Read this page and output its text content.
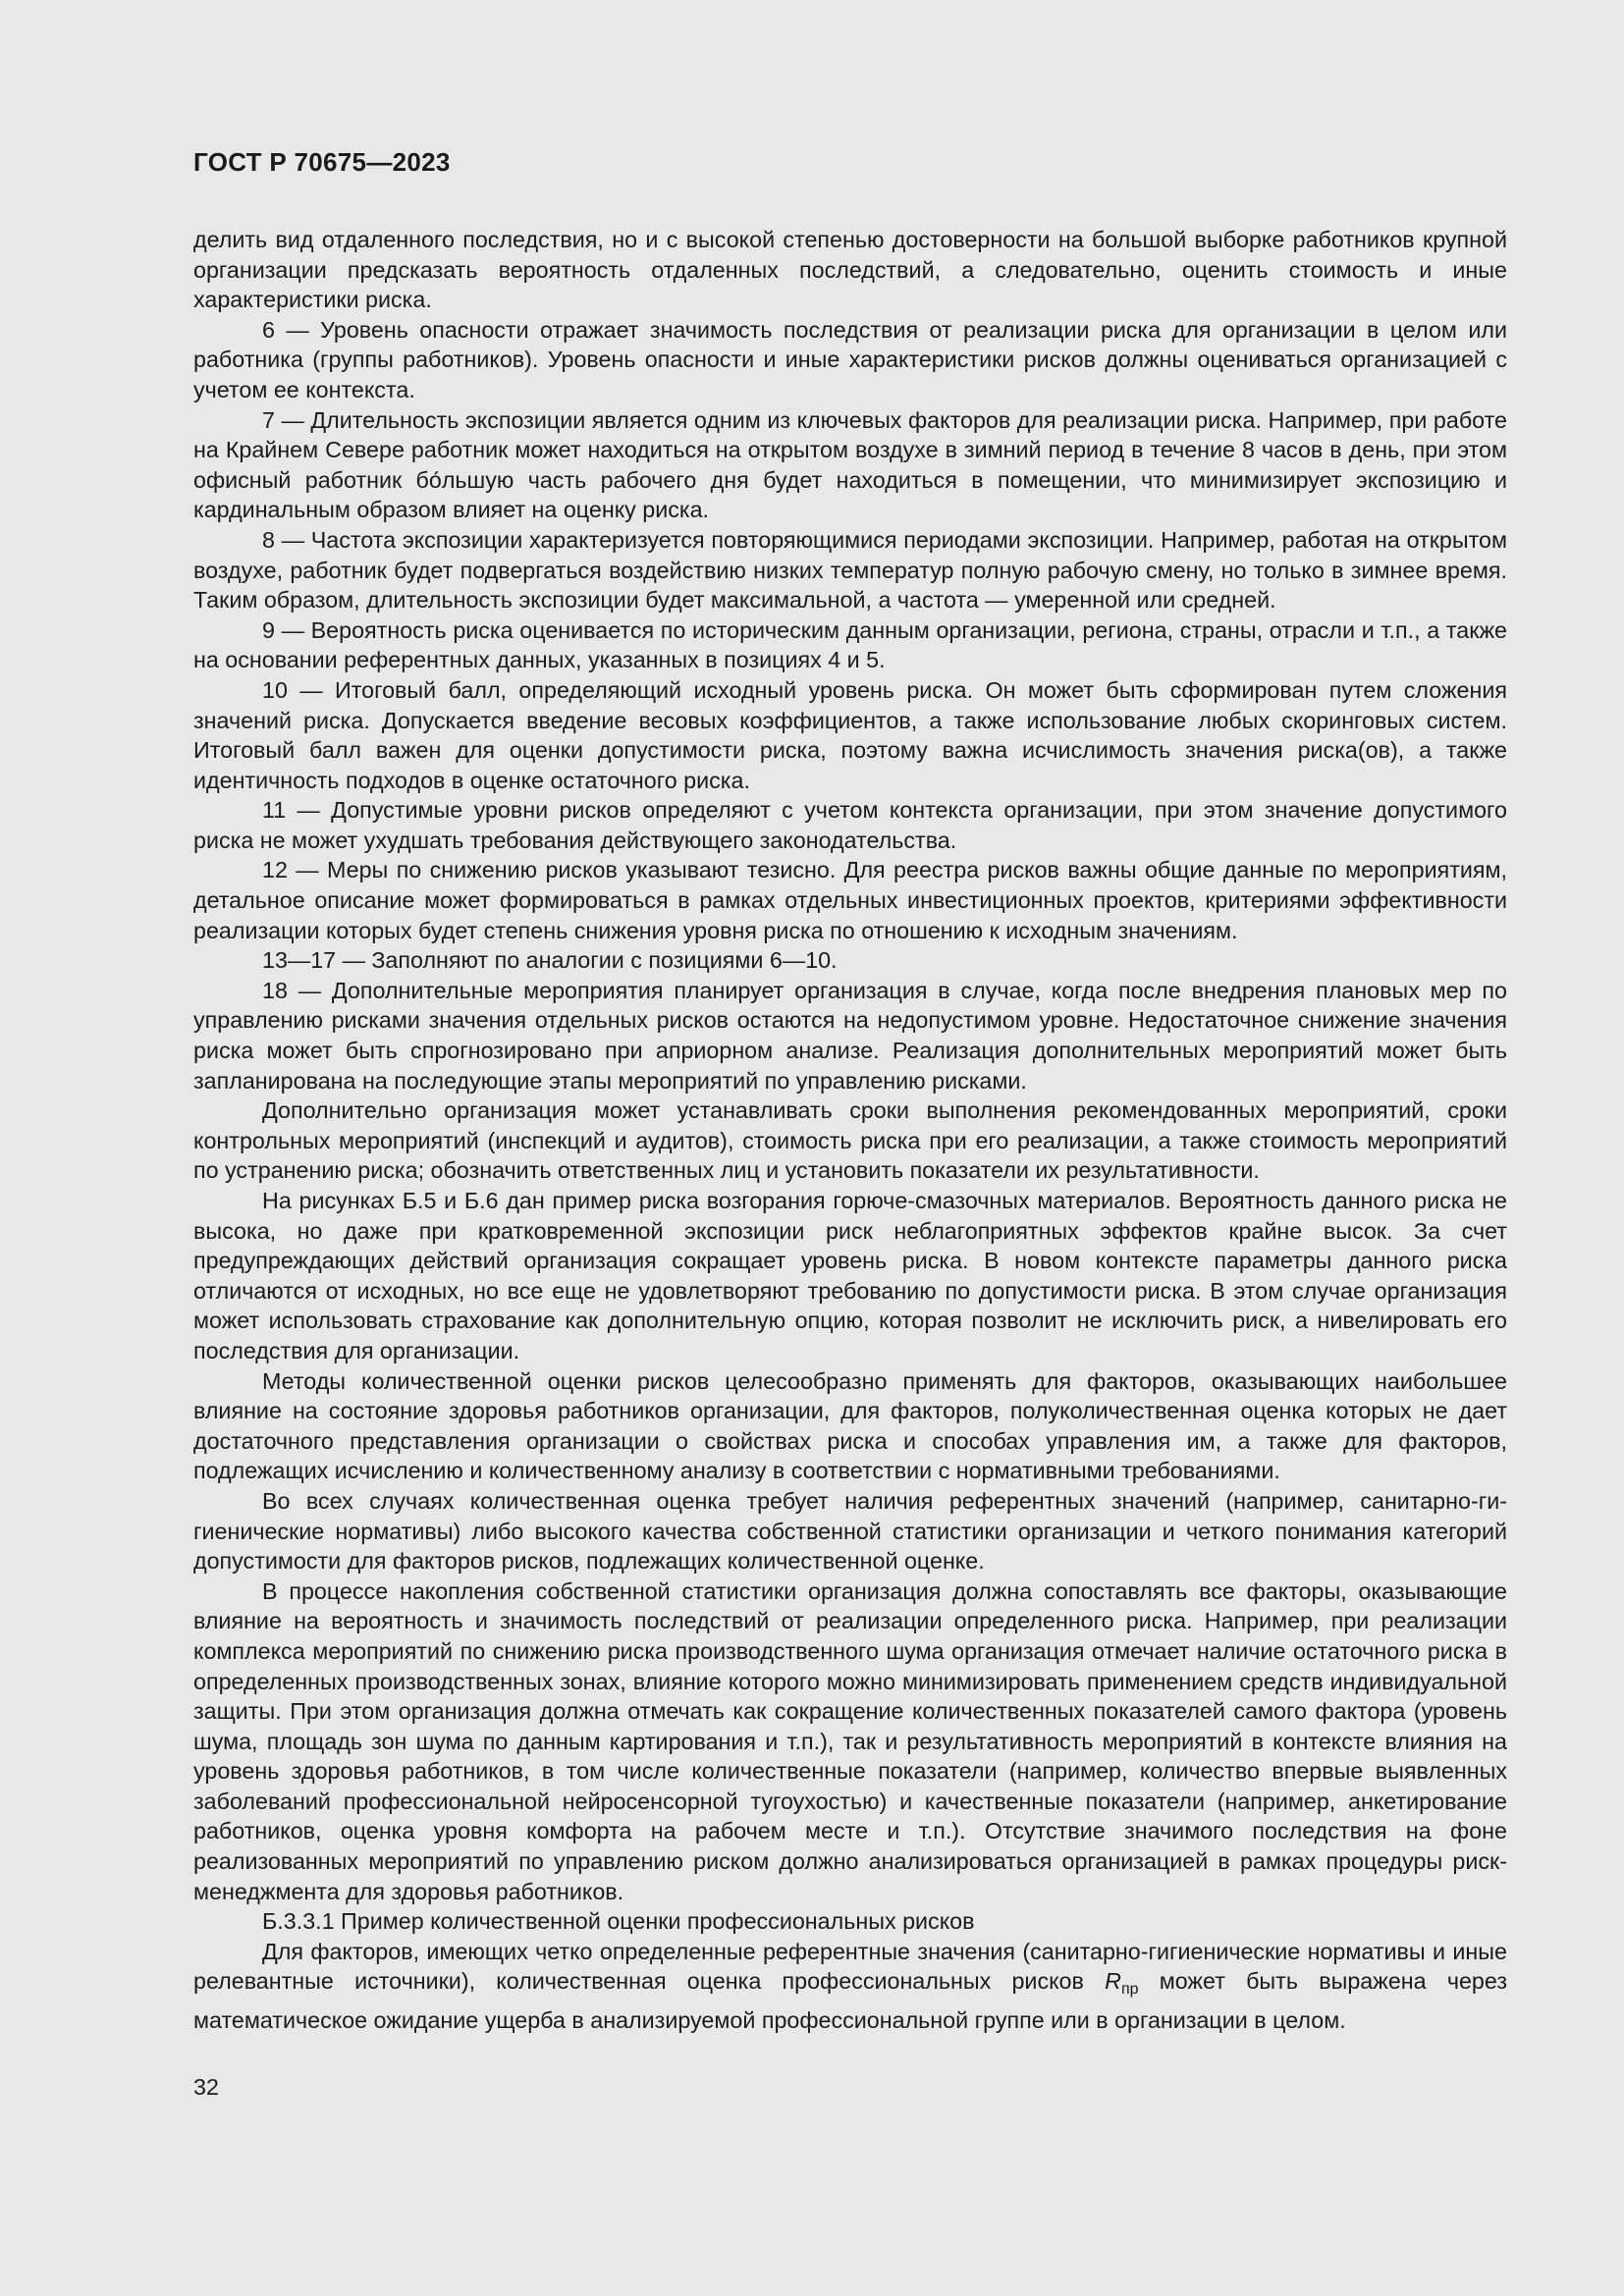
ГОСТ Р 70675—2023

делить вид отдаленного последствия, но и с высокой степенью достоверности на большой выборке работников крупной организации предсказать вероятность отдаленных последствий, а следовательно, оценить стоимость и иные характеристики риска.

6 — Уровень опасности отражает значимость последствия от реализации риска для организации в целом или работника (группы работников). Уровень опасности и иные характеристики рисков должны оцениваться организацией с учетом ее контекста.

7 — Длительность экспозиции является одним из ключевых факторов для реализации риска. Например, при работе на Крайнем Севере работник может находиться на открытом воздухе в зимний период в течение 8 часов в день, при этом офисный работник бо́льшую часть рабочего дня будет находиться в помещении, что минимизирует экспозицию и кардинальным образом влияет на оценку риска.

8 — Частота экспозиции характеризуется повторяющимися периодами экспозиции. Например, работая на открытом воздухе, работник будет подвергаться воздействию низких температур полную рабочую смену, но только в зимнее время. Таким образом, длительность экспозиции будет максимальной, а частота — умеренной или средней.

9 — Вероятность риска оценивается по историческим данным организации, региона, страны, отрасли и т.п., а также на основании референтных данных, указанных в позициях 4 и 5.

10 — Итоговый балл, определяющий исходный уровень риска. Он может быть сформирован путем сложения значений риска. Допускается введение весовых коэффициентов, а также использование любых скоринговых систем. Итоговый балл важен для оценки допустимости риска, поэтому важна исчислимость значения риска(ов), а также идентичность подходов в оценке остаточного риска.

11 — Допустимые уровни рисков определяют с учетом контекста организации, при этом значение допустимого риска не может ухудшать требования действующего законодательства.

12 — Меры по снижению рисков указывают тезисно. Для реестра рисков важны общие данные по мероприятиям, детальное описание может формироваться в рамках отдельных инвестиционных проектов, критериями эффективности реализации которых будет степень снижения уровня риска по отношению к исходным значениям.

13—17 — Заполняют по аналогии с позициями 6—10.

18 — Дополнительные мероприятия планирует организация в случае, когда после внедрения плановых мер по управлению рисками значения отдельных рисков остаются на недопустимом уровне. Недостаточное снижение значения риска может быть спрогнозировано при априорном анализе. Реализация дополнительных мероприятий может быть запланирована на последующие этапы мероприятий по управлению рисками.

Дополнительно организация может устанавливать сроки выполнения рекомендованных мероприятий, сроки контрольных мероприятий (инспекций и аудитов), стоимость риска при его реализации, а также стоимость мероприятий по устранению риска; обозначить ответственных лиц и установить показатели их результативности.

На рисунках Б.5 и Б.6 дан пример риска возгорания горюче-смазочных материалов. Вероятность данного риска не высока, но даже при кратковременной экспозиции риск неблагоприятных эффектов крайне высок. За счет предупреждающих действий организация сокращает уровень риска. В новом контексте параметры данного риска отличаются от исходных, но все еще не удовлетворяют требованию по допустимости риска. В этом случае организация может использовать страхование как дополнительную опцию, которая позволит не исключить риск, а нивелировать его последствия для организации.

Методы количественной оценки рисков целесообразно применять для факторов, оказывающих наибольшее влияние на состояние здоровья работников организации, для факторов, полуколичественная оценка которых не дает достаточного представления организации о свойствах риска и способах управления им, а также для факторов, подлежащих исчислению и количественному анализу в соответствии с нормативными требованиями.

Во всех случаях количественная оценка требует наличия референтных значений (например, санитарно-гигиенические нормативы) либо высокого качества собственной статистики организации и четкого понимания категорий допустимости для факторов рисков, подлежащих количественной оценке.

В процессе накопления собственной статистики организация должна сопоставлять все факторы, оказывающие влияние на вероятность и значимость последствий от реализации определенного риска. Например, при реализации комплекса мероприятий по снижению риска производственного шума организация отмечает наличие остаточного риска в определенных производственных зонах, влияние которого можно минимизировать применением средств индивидуальной защиты. При этом организация должна отмечать как сокращение количественных показателей самого фактора (уровень шума, площадь зон шума по данным картирования и т.п.), так и результативность мероприятий в контексте влияния на уровень здоровья работников, в том числе количественные показатели (например, количество впервые выявленных заболеваний профессиональной нейросенсорной тугоухостью) и качественные показатели (например, анкетирование работников, оценка уровня комфорта на рабочем месте и т.п.). Отсутствие значимого последствия на фоне реализованных мероприятий по управлению риском должно анализироваться организацией в рамках процедуры риск-менеджмента для здоровья работников.

Б.3.3.1 Пример количественной оценки профессиональных рисков

Для факторов, имеющих четко определенные референтные значения (санитарно-гигиенические нормативы и иные релевантные источники), количественная оценка профессиональных рисков $R_{пр}$ может быть выражена через математическое ожидание ущерба в анализируемой профессиональной группе или в организации в целом.

32
